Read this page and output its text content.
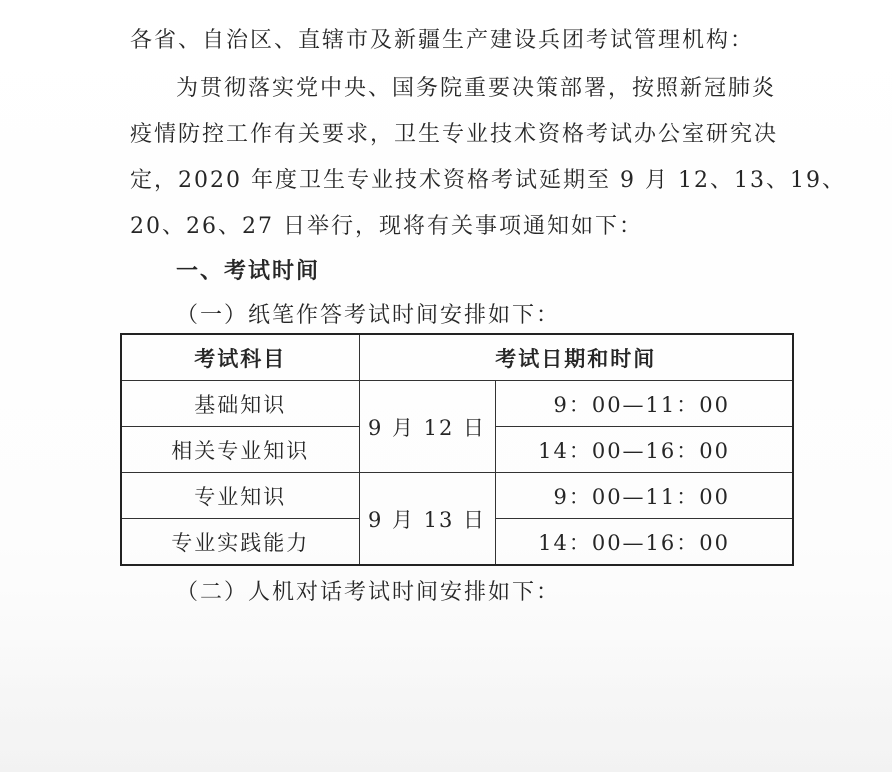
各省、自治区、直辖市及新疆生产建设兵团考试管理机构：
为贯彻落实党中央、国务院重要决策部署，按照新冠肺炎
疫情防控工作有关要求，卫生专业技术资格考试办公室研究决
定，2020 年度卫生专业技术资格考试延期至 9 月 12、13、19、
20、26、27 日举行，现将有关事项通知如下：
一、考试时间
（一）纸笔作答考试时间安排如下：
考试科目	考试日期和时间	
基础知识	9 月 12 日	9：00—11：00
相关专业知识		14：00—16：00
专业知识	9 月 13 日	9：00—11：00
专业实践能力		14：00—16：00
（二）人机对话考试时间安排如下：
